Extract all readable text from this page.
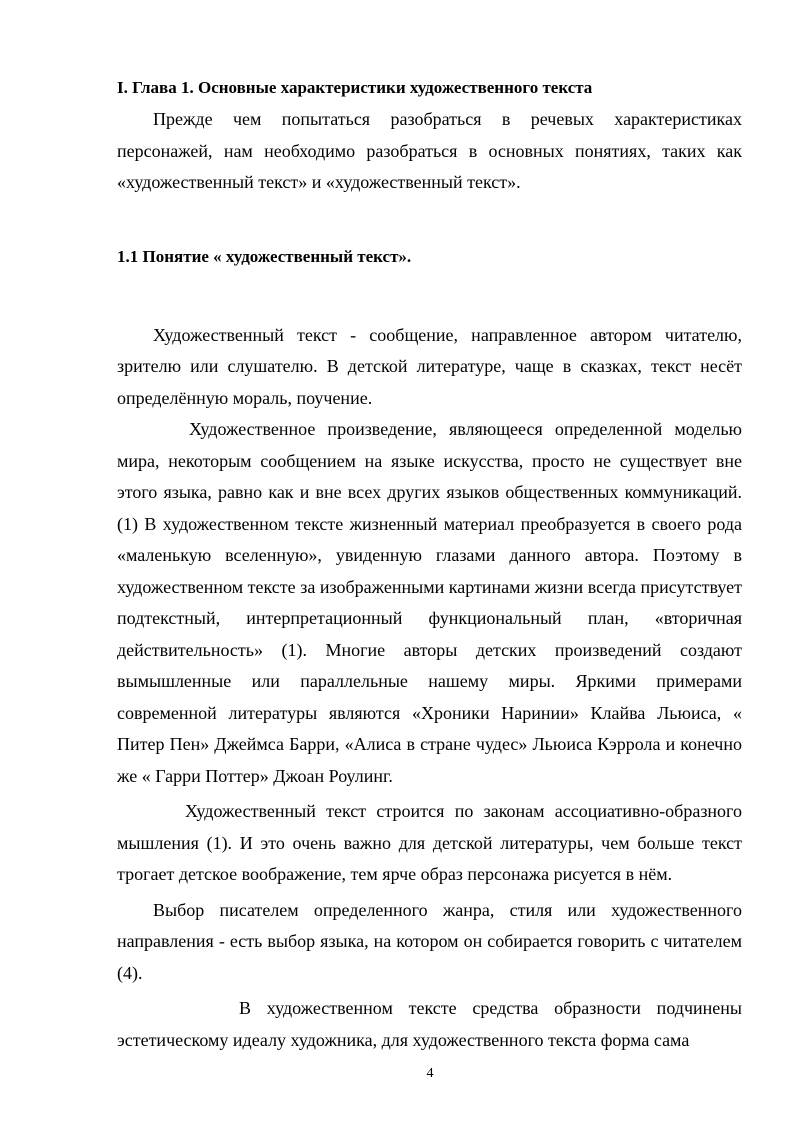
I. Глава 1. Основные характеристики художественного текста

Прежде чем попытаться разобраться в речевых характеристиках персонажей, нам необходимо разобраться в основных понятиях, таких как «художественный текст» и «художественный текст».

1.1 Понятие « художественный текст».

Художественный текст - сообщение, направленное автором читателю, зрителю или слушателю. В детской литературе, чаще в сказках, текст несёт определённую мораль, поучение.

Художественное произведение, являющееся определенной моделью мира, некоторым сообщением на языке искусства, просто не существует вне этого языка, равно как и вне всех других языков общественных коммуникаций.(1) В художественном тексте жизненный материал преобразуется в своего рода «маленькую вселенную», увиденную глазами данного автора. Поэтому в художественном тексте за изображенными картинами жизни всегда присутствует подтекстный, интерпретационный функциональный план, «вторичная действительность» (1). Многие авторы детских произведений создают вымышленные или параллельные нашему миры. Яркими примерами современной литературы являются «Хроники Наринии» Клайва Льюиса, « Питер Пен» Джеймса Барри, «Алиса в стране чудес» Льюиса Кэррола и конечно же « Гарри Поттер» Джоан Роулинг.

Художественный текст строится по законам ассоциативно-образного мышления (1). И это очень важно для детской литературы, чем больше текст трогает детское воображение, тем ярче образ персонажа рисуется в нём.

Выбор писателем определенного жанра, стиля или художественного направления - есть выбор языка, на котором он собирается говорить с читателем (4).

В художественном тексте средства образности подчинены эстетическому идеалу художника, для художественного текста форма сама

4
